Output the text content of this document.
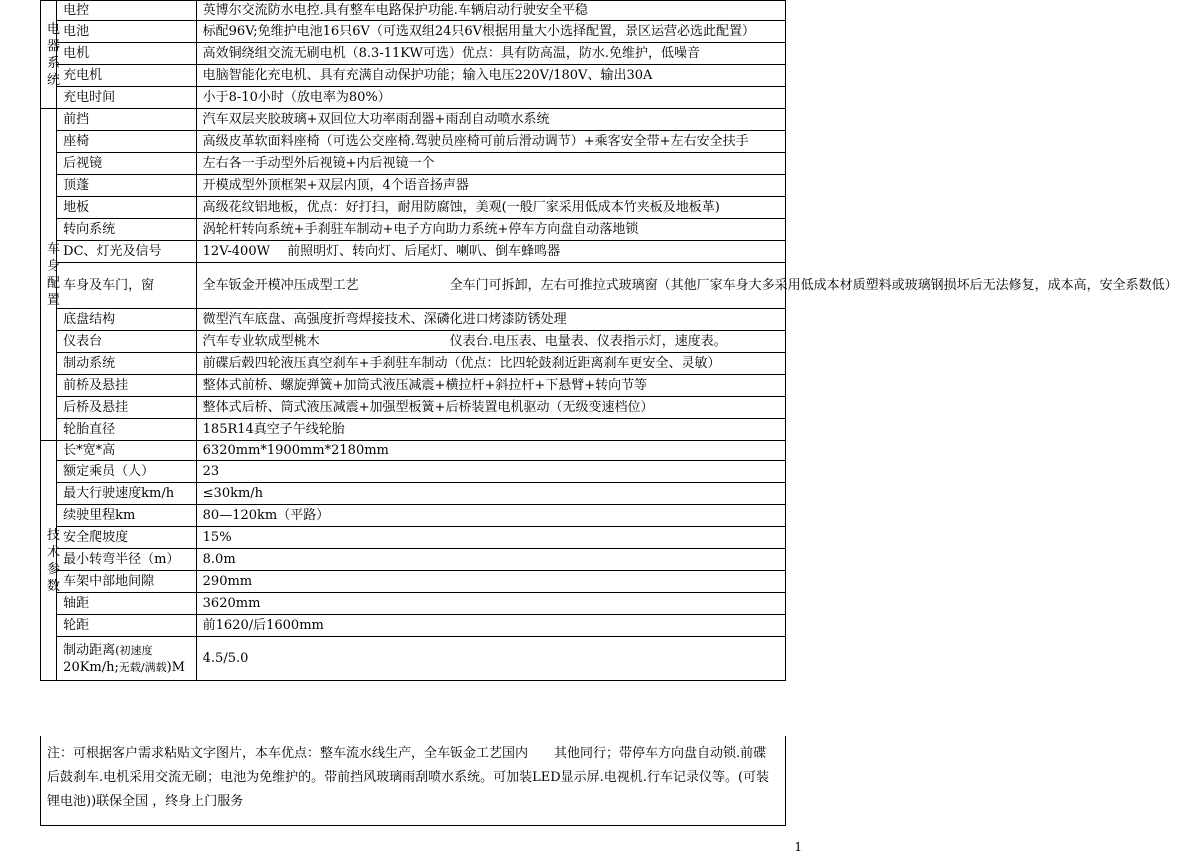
电
器
系
统	电控	英博尔交流防水电控.具有整车电路保护功能.车辆启动行驶安全平稳
	电池	标配96V;免维护电池16只6V（可选双组24只6V根据用量大小选择配置，景区运营必选此配置）
	电机	高效铜绕组交流无刷电机（8.3-11KW可选）优点：具有防高温，防水.免维护，低噪音
	充电机	电脑智能化充电机、具有充满自动保护功能；输入电压220V/180V、输出30A
	充电时间	小于8-10小时（放电率为80%）

车
身
配
置	前挡	汽车双层夹胶玻璃+双回位大功率雨刮器+雨刮自动喷水系统
	座椅	高级皮革软面料座椅（可选公交座椅.驾驶员座椅可前后滑动调节）+乘客安全带+左右安全扶手
	后视镜	左右各一手动型外后视镜+内后视镜一个
	顶蓬	开模成型外顶框架+双层内顶，4个语音扬声器
	地板	高级花纹铝地板，优点：好打扫，耐用防腐蚀，美观(一般厂家采用低成本竹夹板及地板革)
	转向系统	涡轮杆转向系统+手刹驻车制动+电子方向助力系统+停车方向盘自动落地锁
	DC、灯光及信号	12V-400W　 前照明灯、转向灯、后尾灯、喇叭、倒车蜂鸣器
	车身及车门，窗	全车钣金开模冲压成型工艺　　　　　　　全车门可拆卸，左右可推拉式玻璃窗（其他厂家车身大多采用低成本材质塑料或玻璃钢损坏后无法修复，成本高，安全系数低）
	底盘结构	微型汽车底盘、高强度折弯焊接技术、深磷化进口烤漆防锈处理
	仪表台	汽车专业软成型桃木　　　　　　　　　　仪表台.电压表、电量表、仪表指示灯，速度表。
	制动系统	前碟后毂四轮液压真空刹车+手刹驻车制动（优点：比四轮鼓刹近距离刹车更安全、灵敏）
	前桥及悬挂	整体式前桥、螺旋弹簧+加筒式液压减震+横拉杆+斜拉杆+下悬臂+转向节等
	后桥及悬挂	整体式后桥、筒式液压减震+加强型板簧+后桥装置电机驱动（无级变速档位）
	轮胎直径	185R14真空子午线轮胎

技
术
参
数	长*宽*高	6320mm*1900mm*2180mm
	额定乘员（人）	23
	最大行驶速度km/h	≤30km/h
	续驶里程km	80—120km（平路）
	安全爬坡度	15%
	最小转弯半径（m）	8.0m
	车架中部地间隙	290mm
	轴距	3620mm
	轮距	前1620/后1600mm
	制动距离(初速度
20Km/h;无载/满载)M	4.5/5.0
注：可根据客户需求粘贴文字图片，本车优点：整车流水线生产，全车钣金工艺国内　　 其他同行；带停车方向盘自动锁.前碟后鼓刹车.电机采用交流无刷；电池为免维护的。带前挡风玻璃雨刮喷水系统。可加装LED显示屏.电视机.行车记录仪等。(可装锂电池))联保全国 ，终身上门服务
1
